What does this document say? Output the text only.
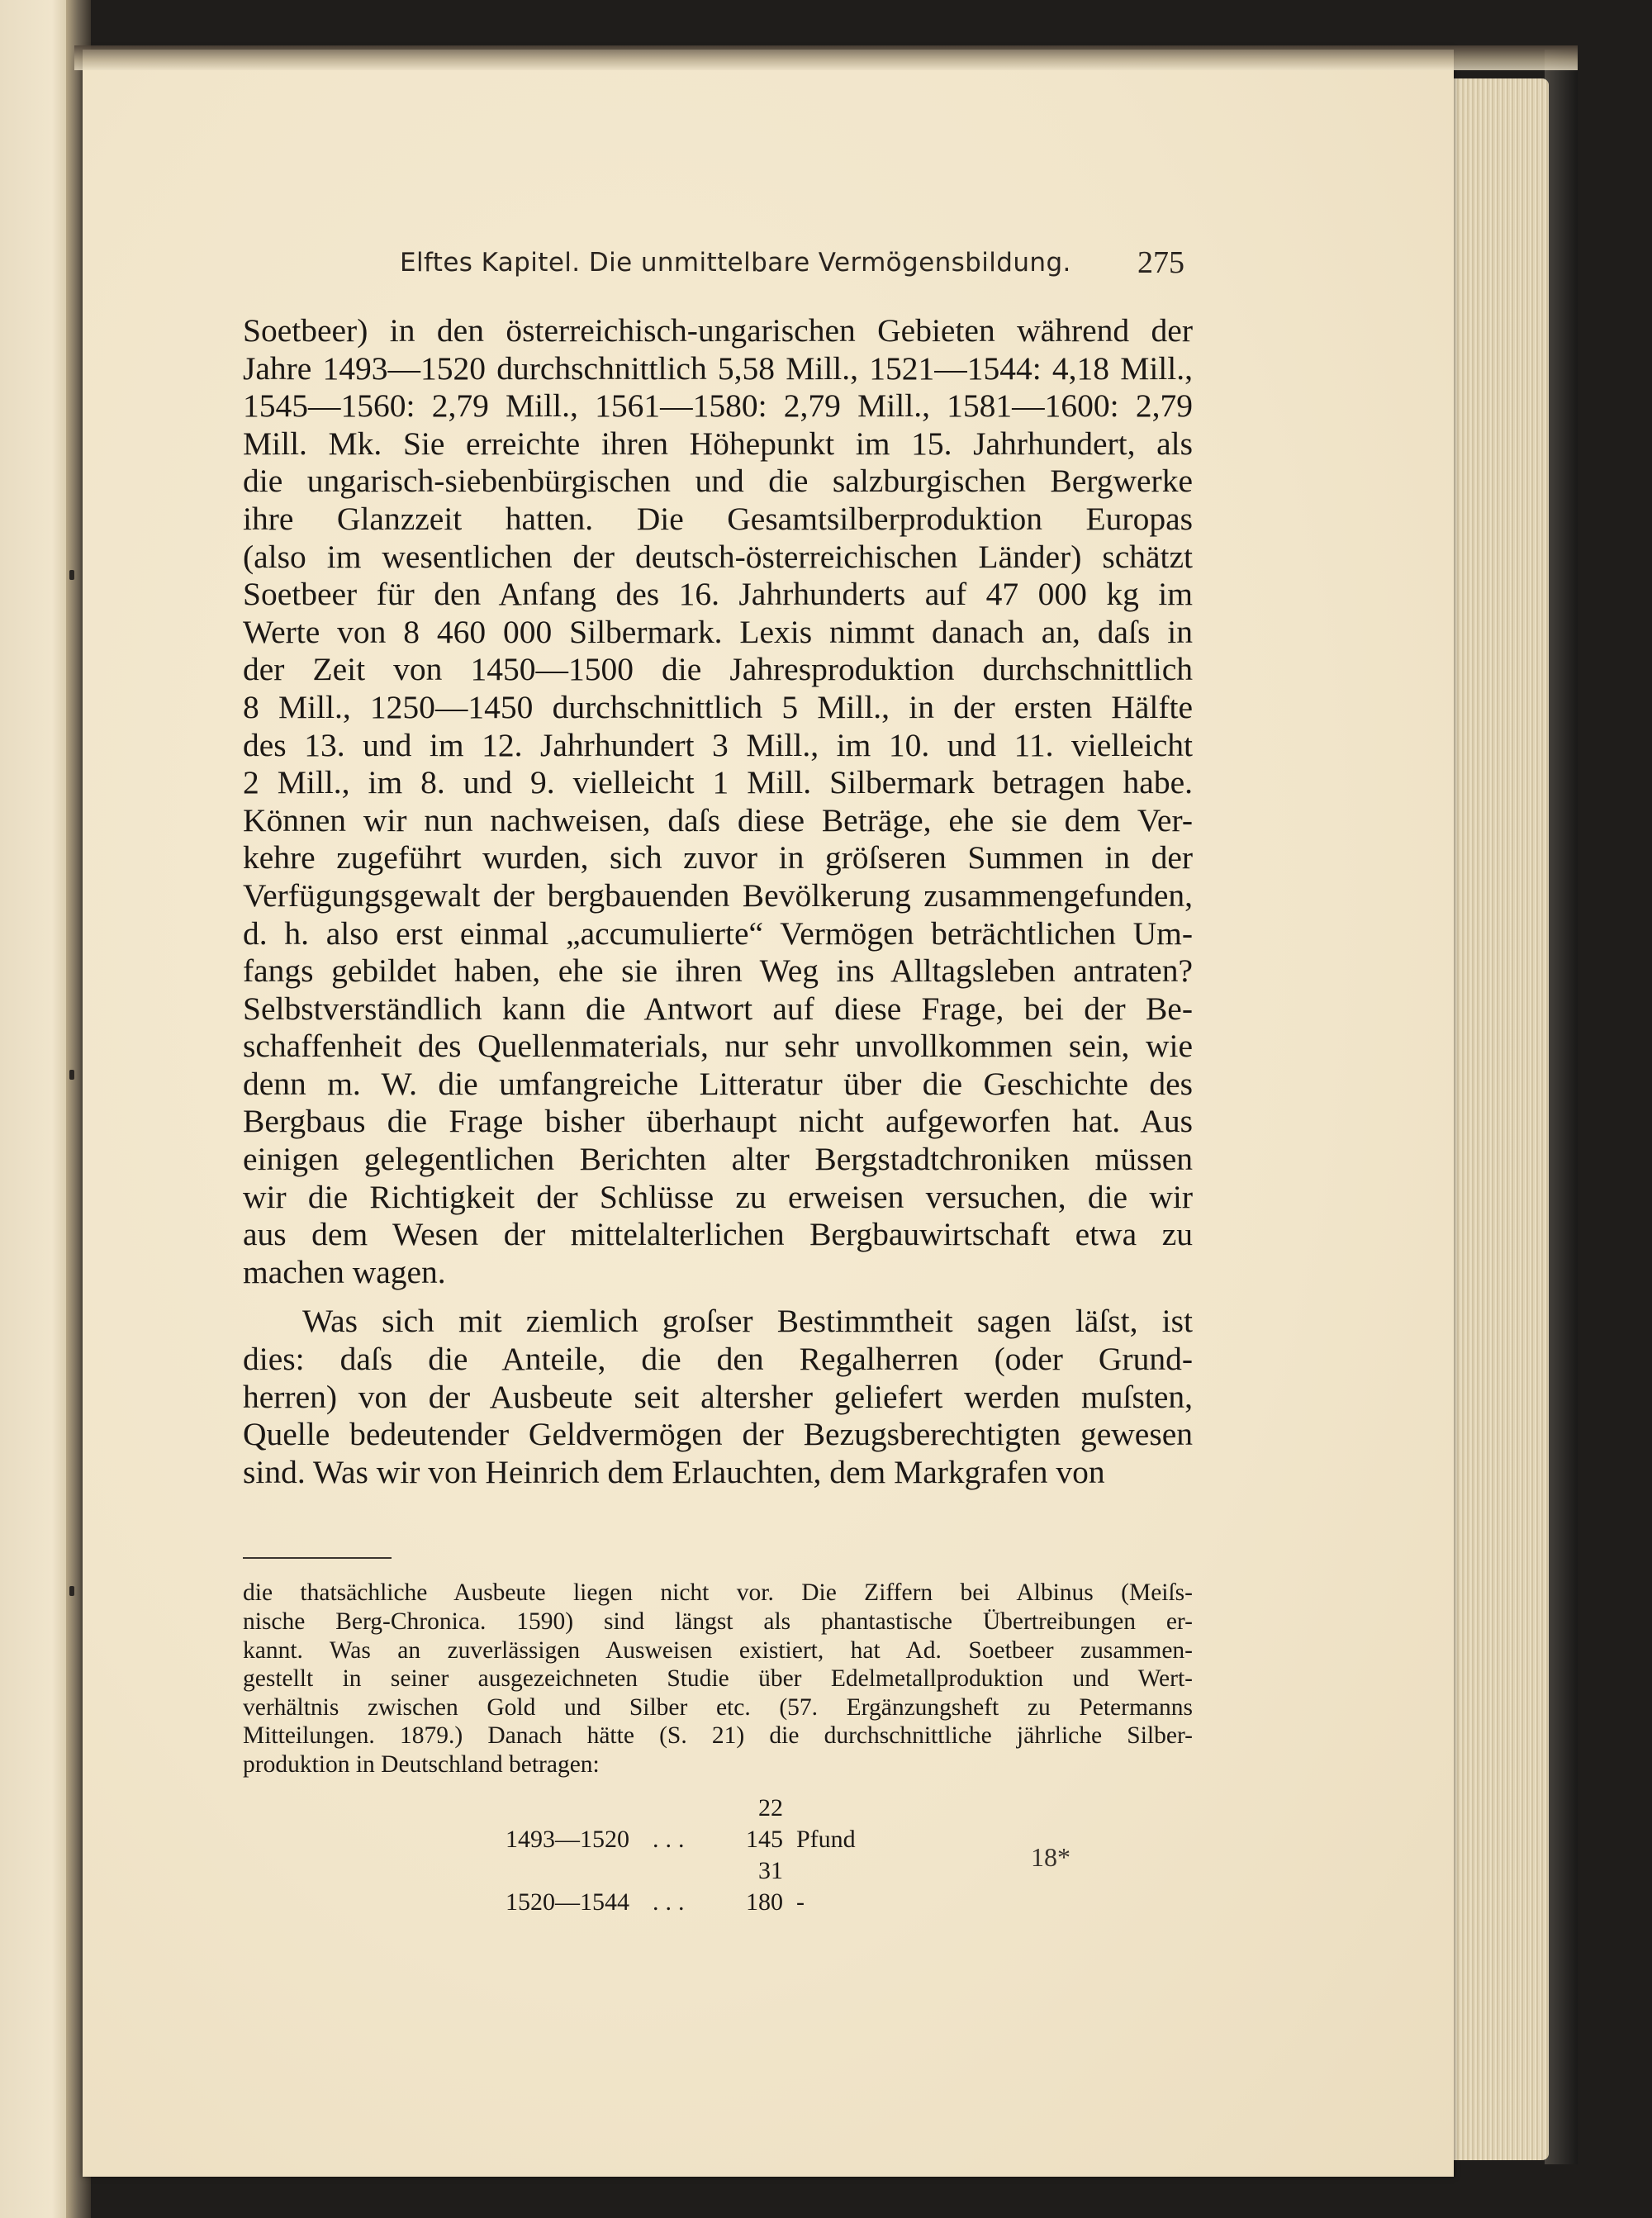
Elftes Kapitel. Die unmittelbare Vermögensbildung. 275
Soetbeer) in den österreichisch-ungarischen Gebieten während der
Jahre 1493—1520 durchschnittlich 5,58 Mill., 1521—1544: 4,18 Mill.,
1545—1560: 2,79 Mill., 1561—1580: 2,79 Mill., 1581—1600: 2,79
Mill. Mk. Sie erreichte ihren Höhepunkt im 15. Jahrhundert, als
die ungarisch-siebenbürgischen und die salzburgischen Bergwerke
ihre Glanzzeit hatten. Die Gesamtsilberproduktion Europas
(also im wesentlichen der deutsch-österreichischen Länder) schätzt
Soetbeer für den Anfang des 16. Jahrhunderts auf 47 000 kg im
Werte von 8 460 000 Silbermark. Lexis nimmt danach an, daſs in
der Zeit von 1450—1500 die Jahresproduktion durchschnittlich
8 Mill., 1250—1450 durchschnittlich 5 Mill., in der ersten Hälfte
des 13. und im 12. Jahrhundert 3 Mill., im 10. und 11. vielleicht
2 Mill., im 8. und 9. vielleicht 1 Mill. Silbermark betragen habe.
Können wir nun nachweisen, daſs diese Beträge, ehe sie dem Ver-
kehre zugeführt wurden, sich zuvor in gröſseren Summen in der
Verfügungsgewalt der bergbauenden Bevölkerung zusammengefunden,
d. h. also erst einmal „accumulierte“ Vermögen beträchtlichen Um-
fangs gebildet haben, ehe sie ihren Weg ins Alltagsleben antraten?
Selbstverständlich kann die Antwort auf diese Frage, bei der Be-
schaffenheit des Quellenmaterials, nur sehr unvollkommen sein, wie
denn m. W. die umfangreiche Litteratur über die Geschichte des
Bergbaus die Frage bisher überhaupt nicht aufgeworfen hat. Aus
einigen gelegentlichen Berichten alter Bergstadtchroniken müssen
wir die Richtigkeit der Schlüsse zu erweisen versuchen, die wir
aus dem Wesen der mittelalterlichen Bergbauwirtschaft etwa zu
machen wagen.
Was sich mit ziemlich groſser Bestimmtheit sagen läſst, ist
dies: daſs die Anteile, die den Regalherren (oder Grund-
herren) von der Ausbeute seit altersher geliefert werden muſsten,
Quelle bedeutender Geldvermögen der Bezugsberechtigten gewesen
sind. Was wir von Heinrich dem Erlauchten, dem Markgrafen von
die thatsächliche Ausbeute liegen nicht vor. Die Ziffern bei Albinus (Meiſs-
nische Berg-Chronica. 1590) sind längst als phantastische Übertreibungen er-
kannt. Was an zuverlässigen Ausweisen existiert, hat Ad. Soetbeer zusammen-
gestellt in seiner ausgezeichneten Studie über Edelmetallproduktion und Wert-
verhältnis zwischen Gold und Silber etc. (57. Ergänzungsheft zu Petermanns
Mitteilungen. 1879.) Danach hätte (S. 21) die durchschnittliche jährliche Silber-
produktion in Deutschland betragen:
1493—1520 ...22 145 Pfund
1520—1544 ...31 180 -
18*
